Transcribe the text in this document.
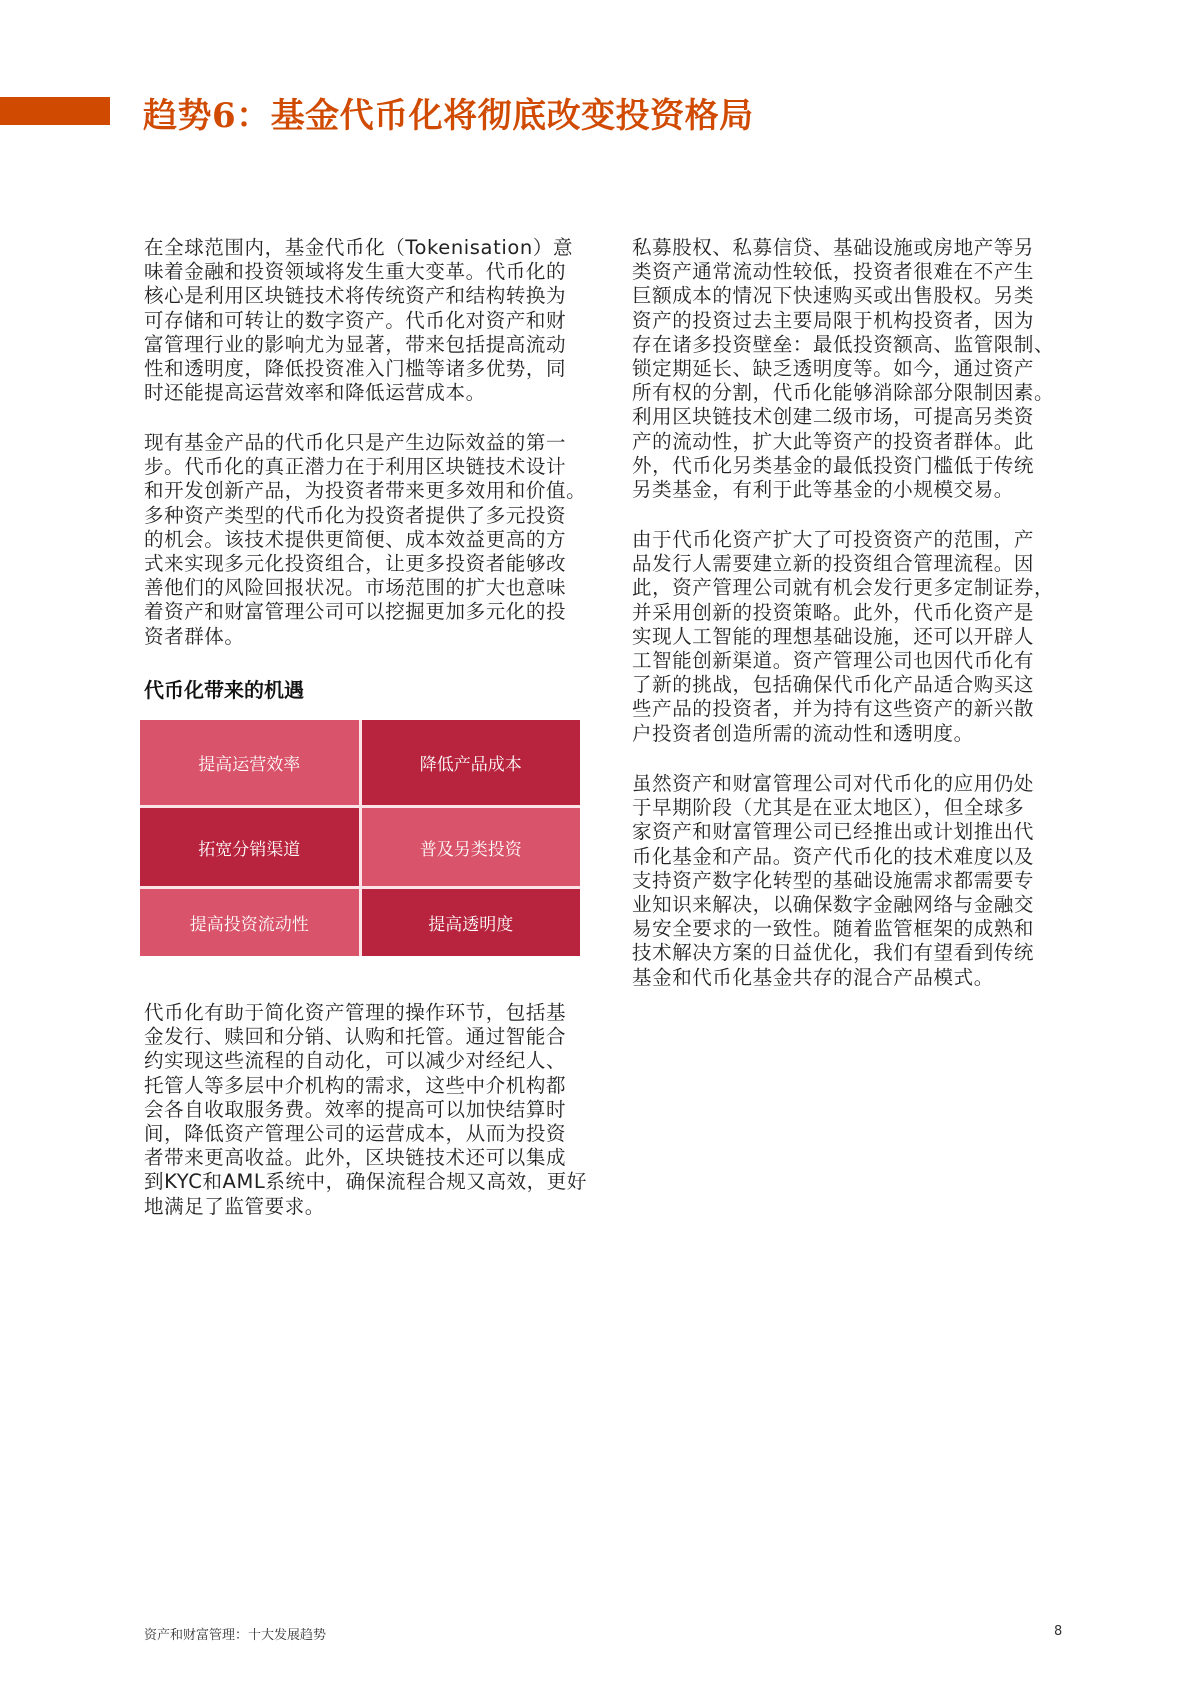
趋势6：基金代币化将彻底改变投资格局
在全球范围内，基金代币化（Tokenisation）意
味着金融和投资领域将发生重大变革。代币化的
核心是利用区块链技术将传统资产和结构转换为
可存储和可转让的数字资产。代币化对资产和财
富管理行业的影响尤为显著，带来包括提高流动
性和透明度，降低投资准入门槛等诸多优势，同
时还能提高运营效率和降低运营成本。
现有基金产品的代币化只是产生边际效益的第一
步。代币化的真正潜力在于利用区块链技术设计
和开发创新产品，为投资者带来更多效用和价值。
多种资产类型的代币化为投资者提供了多元投资
的机会。该技术提供更简便、成本效益更高的方
式来实现多元化投资组合，让更多投资者能够改
善他们的风险回报状况。市场范围的扩大也意味
着资产和财富管理公司可以挖掘更加多元化的投
资者群体。
代币化带来的机遇
提高运营效率	降低产品成本
拓宽分销渠道	普及另类投资
提高投资流动性	提高透明度
代币化有助于简化资产管理的操作环节，包括基
金发行、赎回和分销、认购和托管。通过智能合
约实现这些流程的自动化，可以减少对经纪人、
托管人等多层中介机构的需求，这些中介机构都
会各自收取服务费。效率的提高可以加快结算时
间，降低资产管理公司的运营成本，从而为投资
者带来更高收益。此外，区块链技术还可以集成
到KYC和AML系统中，确保流程合规又高效，更好
地满足了监管要求。
私募股权、私募信贷、基础设施或房地产等另
类资产通常流动性较低，投资者很难在不产生
巨额成本的情况下快速购买或出售股权。另类
资产的投资过去主要局限于机构投资者，因为
存在诸多投资壁垒：最低投资额高、监管限制、
锁定期延长、缺乏透明度等。如今，通过资产
所有权的分割，代币化能够消除部分限制因素。
利用区块链技术创建二级市场，可提高另类资
产的流动性，扩大此等资产的投资者群体。此
外，代币化另类基金的最低投资门槛低于传统
另类基金，有利于此等基金的小规模交易。
由于代币化资产扩大了可投资资产的范围，产
品发行人需要建立新的投资组合管理流程。因
此，资产管理公司就有机会发行更多定制证券，
并采用创新的投资策略。此外，代币化资产是
实现人工智能的理想基础设施，还可以开辟人
工智能创新渠道。资产管理公司也因代币化有
了新的挑战，包括确保代币化产品适合购买这
些产品的投资者，并为持有这些资产的新兴散
户投资者创造所需的流动性和透明度。
虽然资产和财富管理公司对代币化的应用仍处
于早期阶段（尤其是在亚太地区），但全球多
家资产和财富管理公司已经推出或计划推出代
币化基金和产品。资产代币化的技术难度以及
支持资产数字化转型的基础设施需求都需要专
业知识来解决，以确保数字金融网络与金融交
易安全要求的一致性。随着监管框架的成熟和
技术解决方案的日益优化，我们有望看到传统
基金和代币化基金共存的混合产品模式。
资产和财富管理：十大发展趋势	8
